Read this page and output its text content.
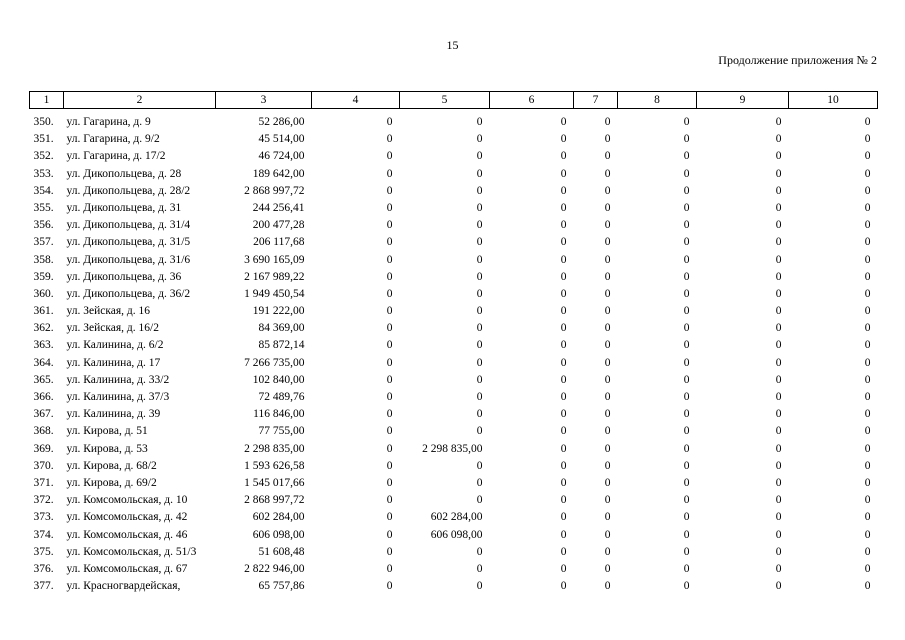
15
Продолжение приложения № 2
1	2	3	4	5	6	7	8	9	10
350.	ул. Гагарина, д. 9	52 286,00	0	0	0	0	0	0	0
351.	ул. Гагарина, д. 9/2	45 514,00	0	0	0	0	0	0	0
352.	ул. Гагарина, д. 17/2	46 724,00	0	0	0	0	0	0	0
353.	ул. Дикопольцева, д. 28	189 642,00	0	0	0	0	0	0	0
354.	ул. Дикопольцева, д. 28/2	2 868 997,72	0	0	0	0	0	0	0
355.	ул. Дикопольцева, д. 31	244 256,41	0	0	0	0	0	0	0
356.	ул. Дикопольцева, д. 31/4	200 477,28	0	0	0	0	0	0	0
357.	ул. Дикопольцева, д. 31/5	206 117,68	0	0	0	0	0	0	0
358.	ул. Дикопольцева, д. 31/6	3 690 165,09	0	0	0	0	0	0	0
359.	ул. Дикопольцева, д. 36	2 167 989,22	0	0	0	0	0	0	0
360.	ул. Дикопольцева, д. 36/2	1 949 450,54	0	0	0	0	0	0	0
361.	ул. Зейская, д. 16	191 222,00	0	0	0	0	0	0	0
362.	ул. Зейская, д. 16/2	84 369,00	0	0	0	0	0	0	0
363.	ул. Калинина, д. 6/2	85 872,14	0	0	0	0	0	0	0
364.	ул. Калинина, д. 17	7 266 735,00	0	0	0	0	0	0	0
365.	ул. Калинина, д. 33/2	102 840,00	0	0	0	0	0	0	0
366.	ул. Калинина, д. 37/3	72 489,76	0	0	0	0	0	0	0
367.	ул. Калинина, д. 39	116 846,00	0	0	0	0	0	0	0
368.	ул. Кирова, д. 51	77 755,00	0	0	0	0	0	0	0
369.	ул. Кирова, д. 53	2 298 835,00	0	2 298 835,00	0	0	0	0	0
370.	ул. Кирова, д. 68/2	1 593 626,58	0	0	0	0	0	0	0
371.	ул. Кирова, д. 69/2	1 545 017,66	0	0	0	0	0	0	0
372.	ул. Комсомольская, д. 10	2 868 997,72	0	0	0	0	0	0	0
373.	ул. Комсомольская, д. 42	602 284,00	0	602 284,00	0	0	0	0	0
374.	ул. Комсомольская, д. 46	606 098,00	0	606 098,00	0	0	0	0	0
375.	ул. Комсомольская, д. 51/3	51 608,48	0	0	0	0	0	0	0
376.	ул. Комсомольская, д. 67	2 822 946,00	0	0	0	0	0	0	0
377.	ул. Красногвардейская,	65 757,86	0	0	0	0	0	0	0
